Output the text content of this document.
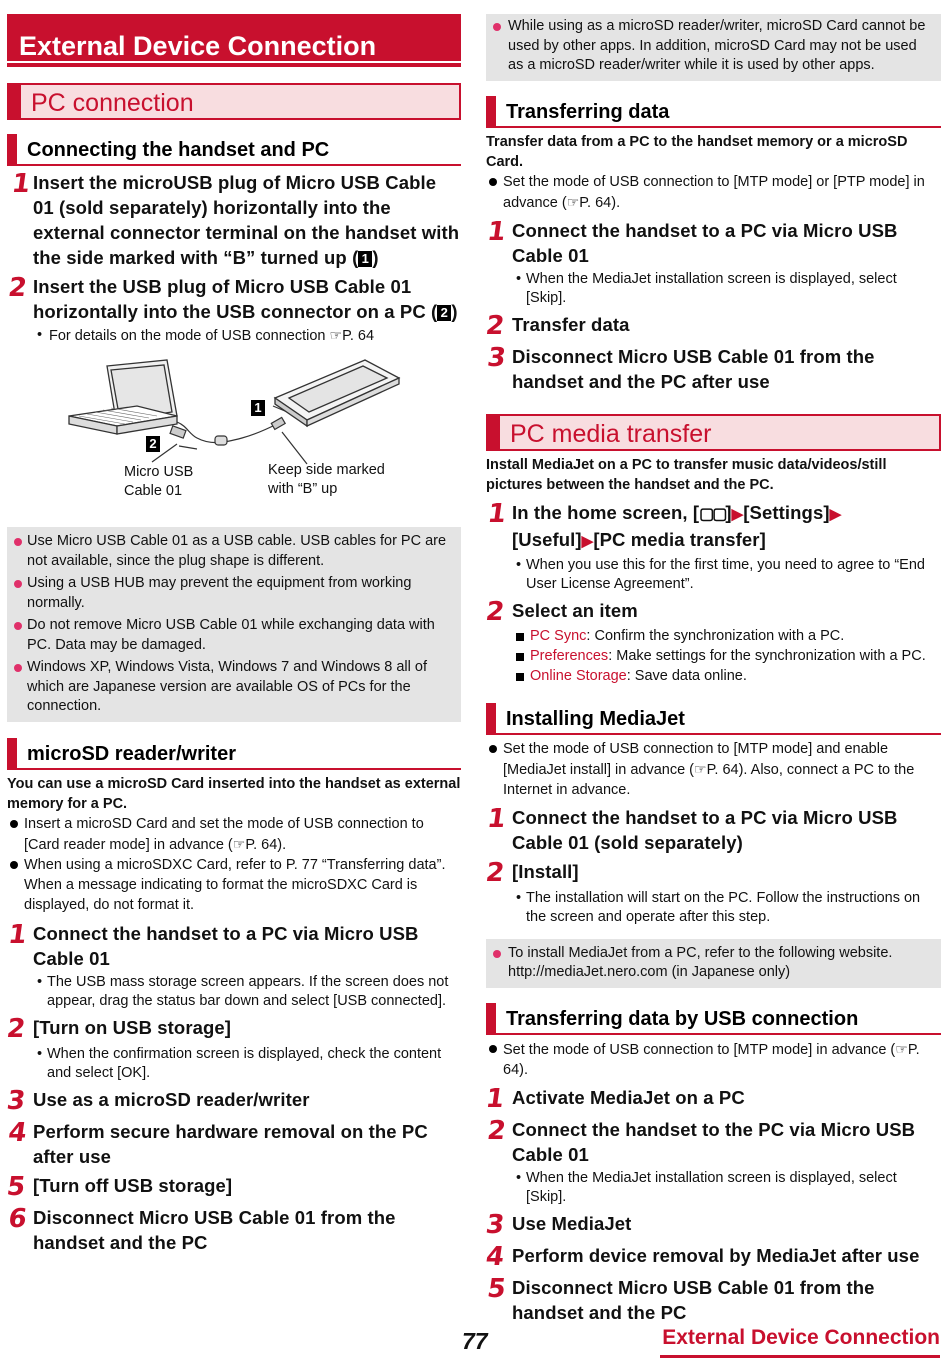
External Device Connection
PC connection
Connecting the handset and PC
1 Insert the microUSB plug of Micro USB Cable 01 (sold separately) horizontally into the external connector terminal on the handset with the side marked with “B” turned up ( 1 )
2 Insert the USB plug of Micro USB Cable 01 horizontally into the USB connector on a PC ( 2 )
• For details on the mode of USB connection ☞P. 64
1
2
Micro USB
Cable 01
Keep side marked
with “B” up
Use Micro USB Cable 01 as a USB cable. USB cables for PC are not available, since the plug shape is different.
Using a USB HUB may prevent the equipment from working normally.
Do not remove Micro USB Cable 01 while exchanging data with PC. Data may be damaged.
Windows XP, Windows Vista, Windows 7 and Windows 8 all of which are Japanese version are available OS of PCs for the connection.
microSD reader/writer
You can use a microSD Card inserted into the handset as external memory for a PC.
Insert a microSD Card and set the mode of USB connection to [Card reader mode] in advance (☞P. 64).
When using a microSDXC Card, refer to P. 77 “Transferring data”. When a message indicating to format the microSDXC Card is displayed, do not format it.
1 Connect the handset to a PC via Micro USB Cable 01
• The USB mass storage screen appears. If the screen does not appear, drag the status bar down and select [USB connected].
2 [Turn on USB storage]
• When the confirmation screen is displayed, check the content and select [OK].
3 Use as a microSD reader/writer
4 Perform secure hardware removal on the PC after use
5 [Turn off USB storage]
6 Disconnect Micro USB Cable 01 from the handset and the PC
While using as a microSD reader/writer, microSD Card cannot be used by other apps. In addition, microSD Card may not be used as a microSD reader/writer while it is used by other apps.
Transferring data
Transfer data from a PC to the handset memory or a microSD Card.
Set the mode of USB connection to [MTP mode] or [PTP mode] in advance (☞P. 64).
1 Connect the handset to a PC via Micro USB Cable 01
• When the MediaJet installation screen is displayed, select [Skip].
2 Transfer data
3 Disconnect Micro USB Cable 01 from the handset and the PC after use
PC media transfer
Install MediaJet on a PC to transfer music data/videos/still pictures between the handset and the PC.
1 In the home screen, [▢▢]▶[Settings]▶
[Useful]▶[PC media transfer]
• When you use this for the first time, you need to agree to “End User License Agreement”.
2 Select an item
PC Sync: Confirm the synchronization with a PC.
Preferences: Make settings for the synchronization with a PC.
Online Storage: Save data online.
Installing MediaJet
Set the mode of USB connection to [MTP mode] and enable [MediaJet install] in advance (☞P. 64). Also, connect a PC to the Internet in advance.
1 Connect the handset to a PC via Micro USB Cable 01 (sold separately)
2 [Install]
• The installation will start on the PC. Follow the instructions on the screen and operate after this step.
To install MediaJet from a PC, refer to the following website.
http://mediaJet.nero.com (in Japanese only)
Transferring data by USB connection
Set the mode of USB connection to [MTP mode] in advance (☞P. 64).
1 Activate MediaJet on a PC
2 Connect the handset to the PC via Micro USB Cable 01
• When the MediaJet installation screen is displayed, select [Skip].
3 Use MediaJet
4 Perform device removal by MediaJet after use
5 Disconnect Micro USB Cable 01 from the handset and the PC
77	External Device Connection
